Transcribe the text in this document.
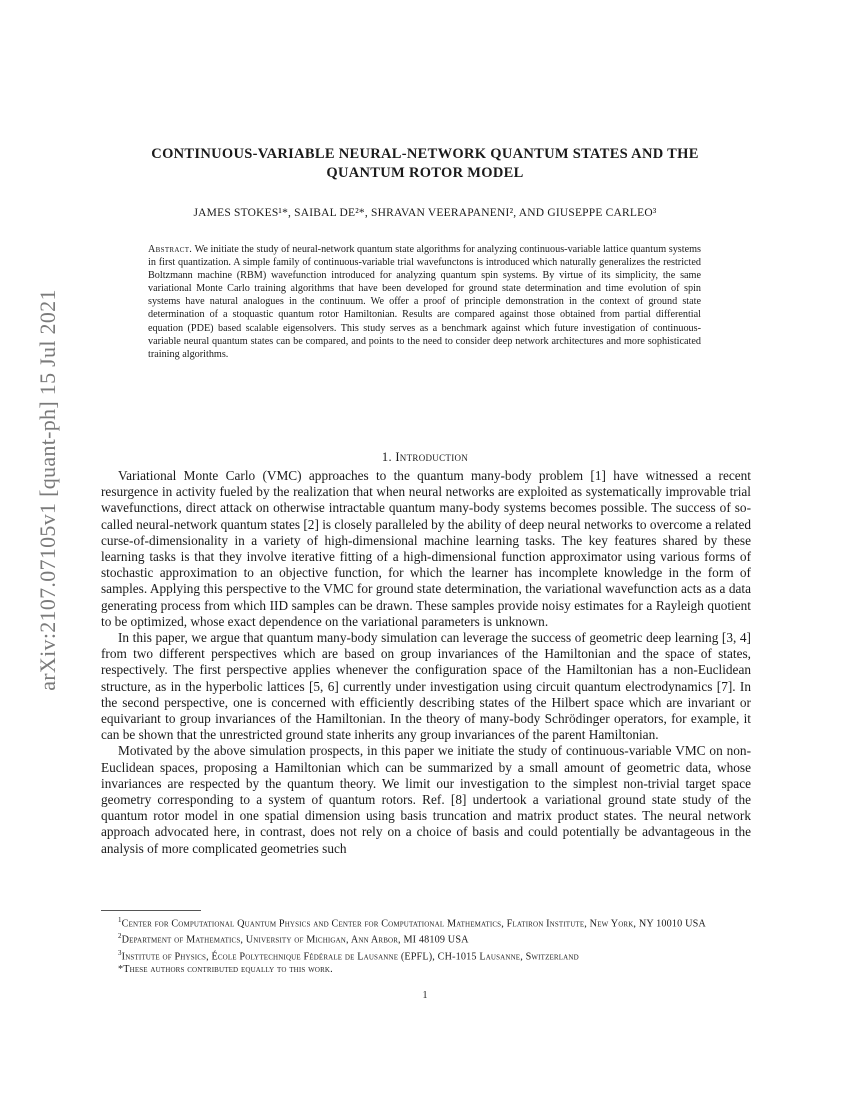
arXiv:2107.07105v1 [quant-ph] 15 Jul 2021
CONTINUOUS-VARIABLE NEURAL-NETWORK QUANTUM STATES AND THE
QUANTUM ROTOR MODEL
JAMES STOKES¹*, SAIBAL DE²*, SHRAVAN VEERAPANENI², AND GIUSEPPE CARLEO³
Abstract. We initiate the study of neural-network quantum state algorithms for analyzing continuous-variable lattice quantum systems in first quantization. A simple family of continuous-variable trial wavefunctons is introduced which naturally generalizes the restricted Boltzmann machine (RBM) wavefunction introduced for analyzing quantum spin systems. By virtue of its simplicity, the same variational Monte Carlo training algorithms that have been developed for ground state determination and time evolution of spin systems have natural analogues in the continuum. We offer a proof of principle demonstration in the context of ground state determination of a stoquastic quantum rotor Hamiltonian. Results are compared against those obtained from partial differential equation (PDE) based scalable eigensolvers. This study serves as a benchmark against which future investigation of continuous-variable neural quantum states can be compared, and points to the need to consider deep network architectures and more sophisticated training algorithms.
1. Introduction

Variational Monte Carlo (VMC) approaches to the quantum many-body problem [1] have witnessed a recent resurgence in activity fueled by the realization that when neural networks are exploited as systematically improvable trial wavefunctions, direct attack on otherwise intractable quantum many-body systems becomes possible. The success of so-called neural-network quantum states [2] is closely paralleled by the ability of deep neural networks to overcome a related curse-of-dimensionality in a variety of high-dimensional machine learning tasks. The key features shared by these learning tasks is that they involve iterative fitting of a high-dimensional function approximator using various forms of stochastic approximation to an objective function, for which the learner has incomplete knowledge in the form of samples. Applying this perspective to the VMC for ground state determination, the variational wavefunction acts as a data generating process from which IID samples can be drawn. These samples provide noisy estimates for a Rayleigh quotient to be optimized, whose exact dependence on the variational parameters is unknown.

In this paper, we argue that quantum many-body simulation can leverage the success of geometric deep learning [3, 4] from two different perspectives which are based on group invariances of the Hamiltonian and the space of states, respectively. The first perspective applies whenever the configuration space of the Hamiltonian has a non-Euclidean structure, as in the hyperbolic lattices [5, 6] currently under investigation using circuit quantum electrodynamics [7]. In the second perspective, one is concerned with efficiently describing states of the Hilbert space which are invariant or equivariant to group invariances of the Hamiltonian. In the theory of many-body Schrödinger operators, for example, it can be shown that the unrestricted ground state inherits any group invariances of the parent Hamiltonian.

Motivated by the above simulation prospects, in this paper we initiate the study of continuous-variable VMC on non-Euclidean spaces, proposing a Hamiltonian which can be summarized by a small amount of geometric data, whose invariances are respected by the quantum theory. We limit our investigation to the simplest non-trivial target space geometry corresponding to a system of quantum rotors. Ref. [8] undertook a variational ground state study of the quantum rotor model in one spatial dimension using basis truncation and matrix product states. The neural network approach advocated here, in contrast, does not rely on a choice of basis and could potentially be advantageous in the analysis of more complicated geometries such

$^1$Center for Computational Quantum Physics and Center for Computational Mathematics, Flatiron Institute, New York, NY 10010 USA
$^2$Department of Mathematics, University of Michigan, Ann Arbor, MI 48109 USA
$^3$Institute of Physics, École Polytechnique Fédérale de Lausanne (EPFL), CH-1015 Lausanne, Switzerland
*These authors contributed equally to this work.
1
